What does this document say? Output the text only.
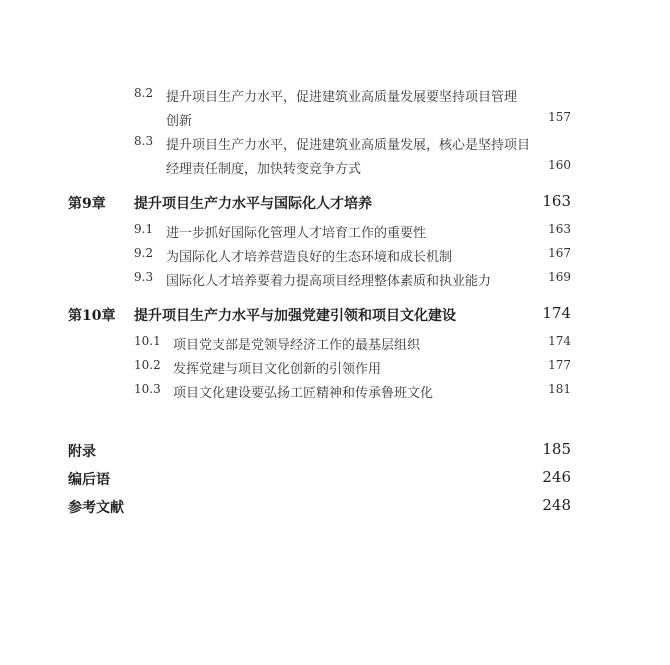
8.2 提升项目生产力水平，促进建筑业高质量发展要坚持项目管理
创新	157
8.3 提升项目生产力水平，促进建筑业高质量发展，核心是坚持项目
经理责任制度，加快转变竞争方式	160
第9章 提升项目生产力水平与国际化人才培养	163
9.1 进一步抓好国际化管理人才培育工作的重要性	163
9.2 为国际化人才培养营造良好的生态环境和成长机制	167
9.3 国际化人才培养要着力提高项目经理整体素质和执业能力	169
第10章 提升项目生产力水平与加强党建引领和项目文化建设	174
10.1 项目党支部是党领导经济工作的最基层组织	174
10.2 发挥党建与项目文化创新的引领作用	177
10.3 项目文化建设要弘扬工匠精神和传承鲁班文化	181
附录	185
编后语	246
参考文献	248
